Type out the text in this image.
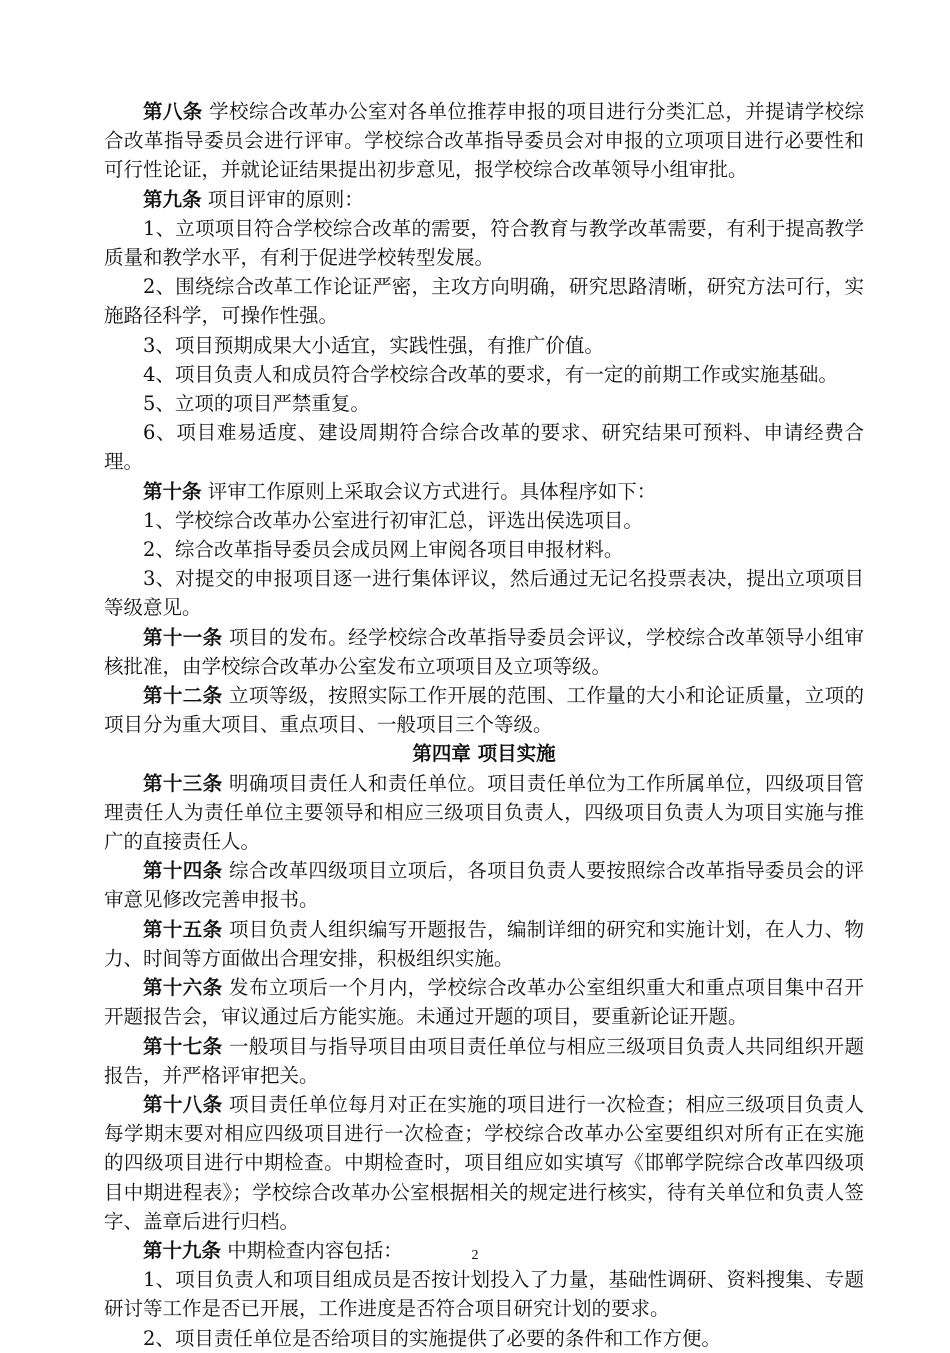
第八条 学校综合改革办公室对各单位推荐申报的项目进行分类汇总，并提请学校综合改革指导委员会进行评审。学校综合改革指导委员会对申报的立项项目进行必要性和可行性论证，并就论证结果提出初步意见，报学校综合改革领导小组审批。

第九条 项目评审的原则：

1、立项项目符合学校综合改革的需要，符合教育与教学改革需要，有利于提高教学质量和教学水平，有利于促进学校转型发展。

2、围绕综合改革工作论证严密，主攻方向明确，研究思路清晰，研究方法可行，实施路径科学，可操作性强。

3、项目预期成果大小适宜，实践性强，有推广价值。

4、项目负责人和成员符合学校综合改革的要求，有一定的前期工作或实施基础。

5、立项的项目严禁重复。

6、项目难易适度、建设周期符合综合改革的要求、研究结果可预料、申请经费合理。

第十条 评审工作原则上采取会议方式进行。具体程序如下：

1、学校综合改革办公室进行初审汇总，评选出侯选项目。

2、综合改革指导委员会成员网上审阅各项目申报材料。

3、对提交的申报项目逐一进行集体评议，然后通过无记名投票表决，提出立项项目等级意见。

第十一条 项目的发布。经学校综合改革指导委员会评议，学校综合改革领导小组审核批准，由学校综合改革办公室发布立项项目及立项等级。

第十二条 立项等级，按照实际工作开展的范围、工作量的大小和论证质量，立项的项目分为重大项目、重点项目、一般项目三个等级。

第四章 项目实施

第十三条 明确项目责任人和责任单位。项目责任单位为工作所属单位，四级项目管理责任人为责任单位主要领导和相应三级项目负责人，四级项目负责人为项目实施与推广的直接责任人。

第十四条 综合改革四级项目立项后，各项目负责人要按照综合改革指导委员会的评审意见修改完善申报书。

第十五条 项目负责人组织编写开题报告，编制详细的研究和实施计划，在人力、物力、时间等方面做出合理安排，积极组织实施。

第十六条 发布立项后一个月内，学校综合改革办公室组织重大和重点项目集中召开开题报告会，审议通过后方能实施。未通过开题的项目，要重新论证开题。

第十七条 一般项目与指导项目由项目责任单位与相应三级项目负责人共同组织开题报告，并严格评审把关。

第十八条 项目责任单位每月对正在实施的项目进行一次检查；相应三级项目负责人每学期末要对相应四级项目进行一次检查；学校综合改革办公室要组织对所有正在实施的四级项目进行中期检查。中期检查时，项目组应如实填写《邯郸学院综合改革四级项目中期进程表》；学校综合改革办公室根据相关的规定进行核实，待有关单位和负责人签字、盖章后进行归档。

第十九条 中期检查内容包括：

1、项目负责人和项目组成员是否按计划投入了力量，基础性调研、资料搜集、专题研讨等工作是否已开展，工作进度是否符合项目研究计划的要求。

2、项目责任单位是否给项目的实施提供了必要的条件和工作方便。

2
